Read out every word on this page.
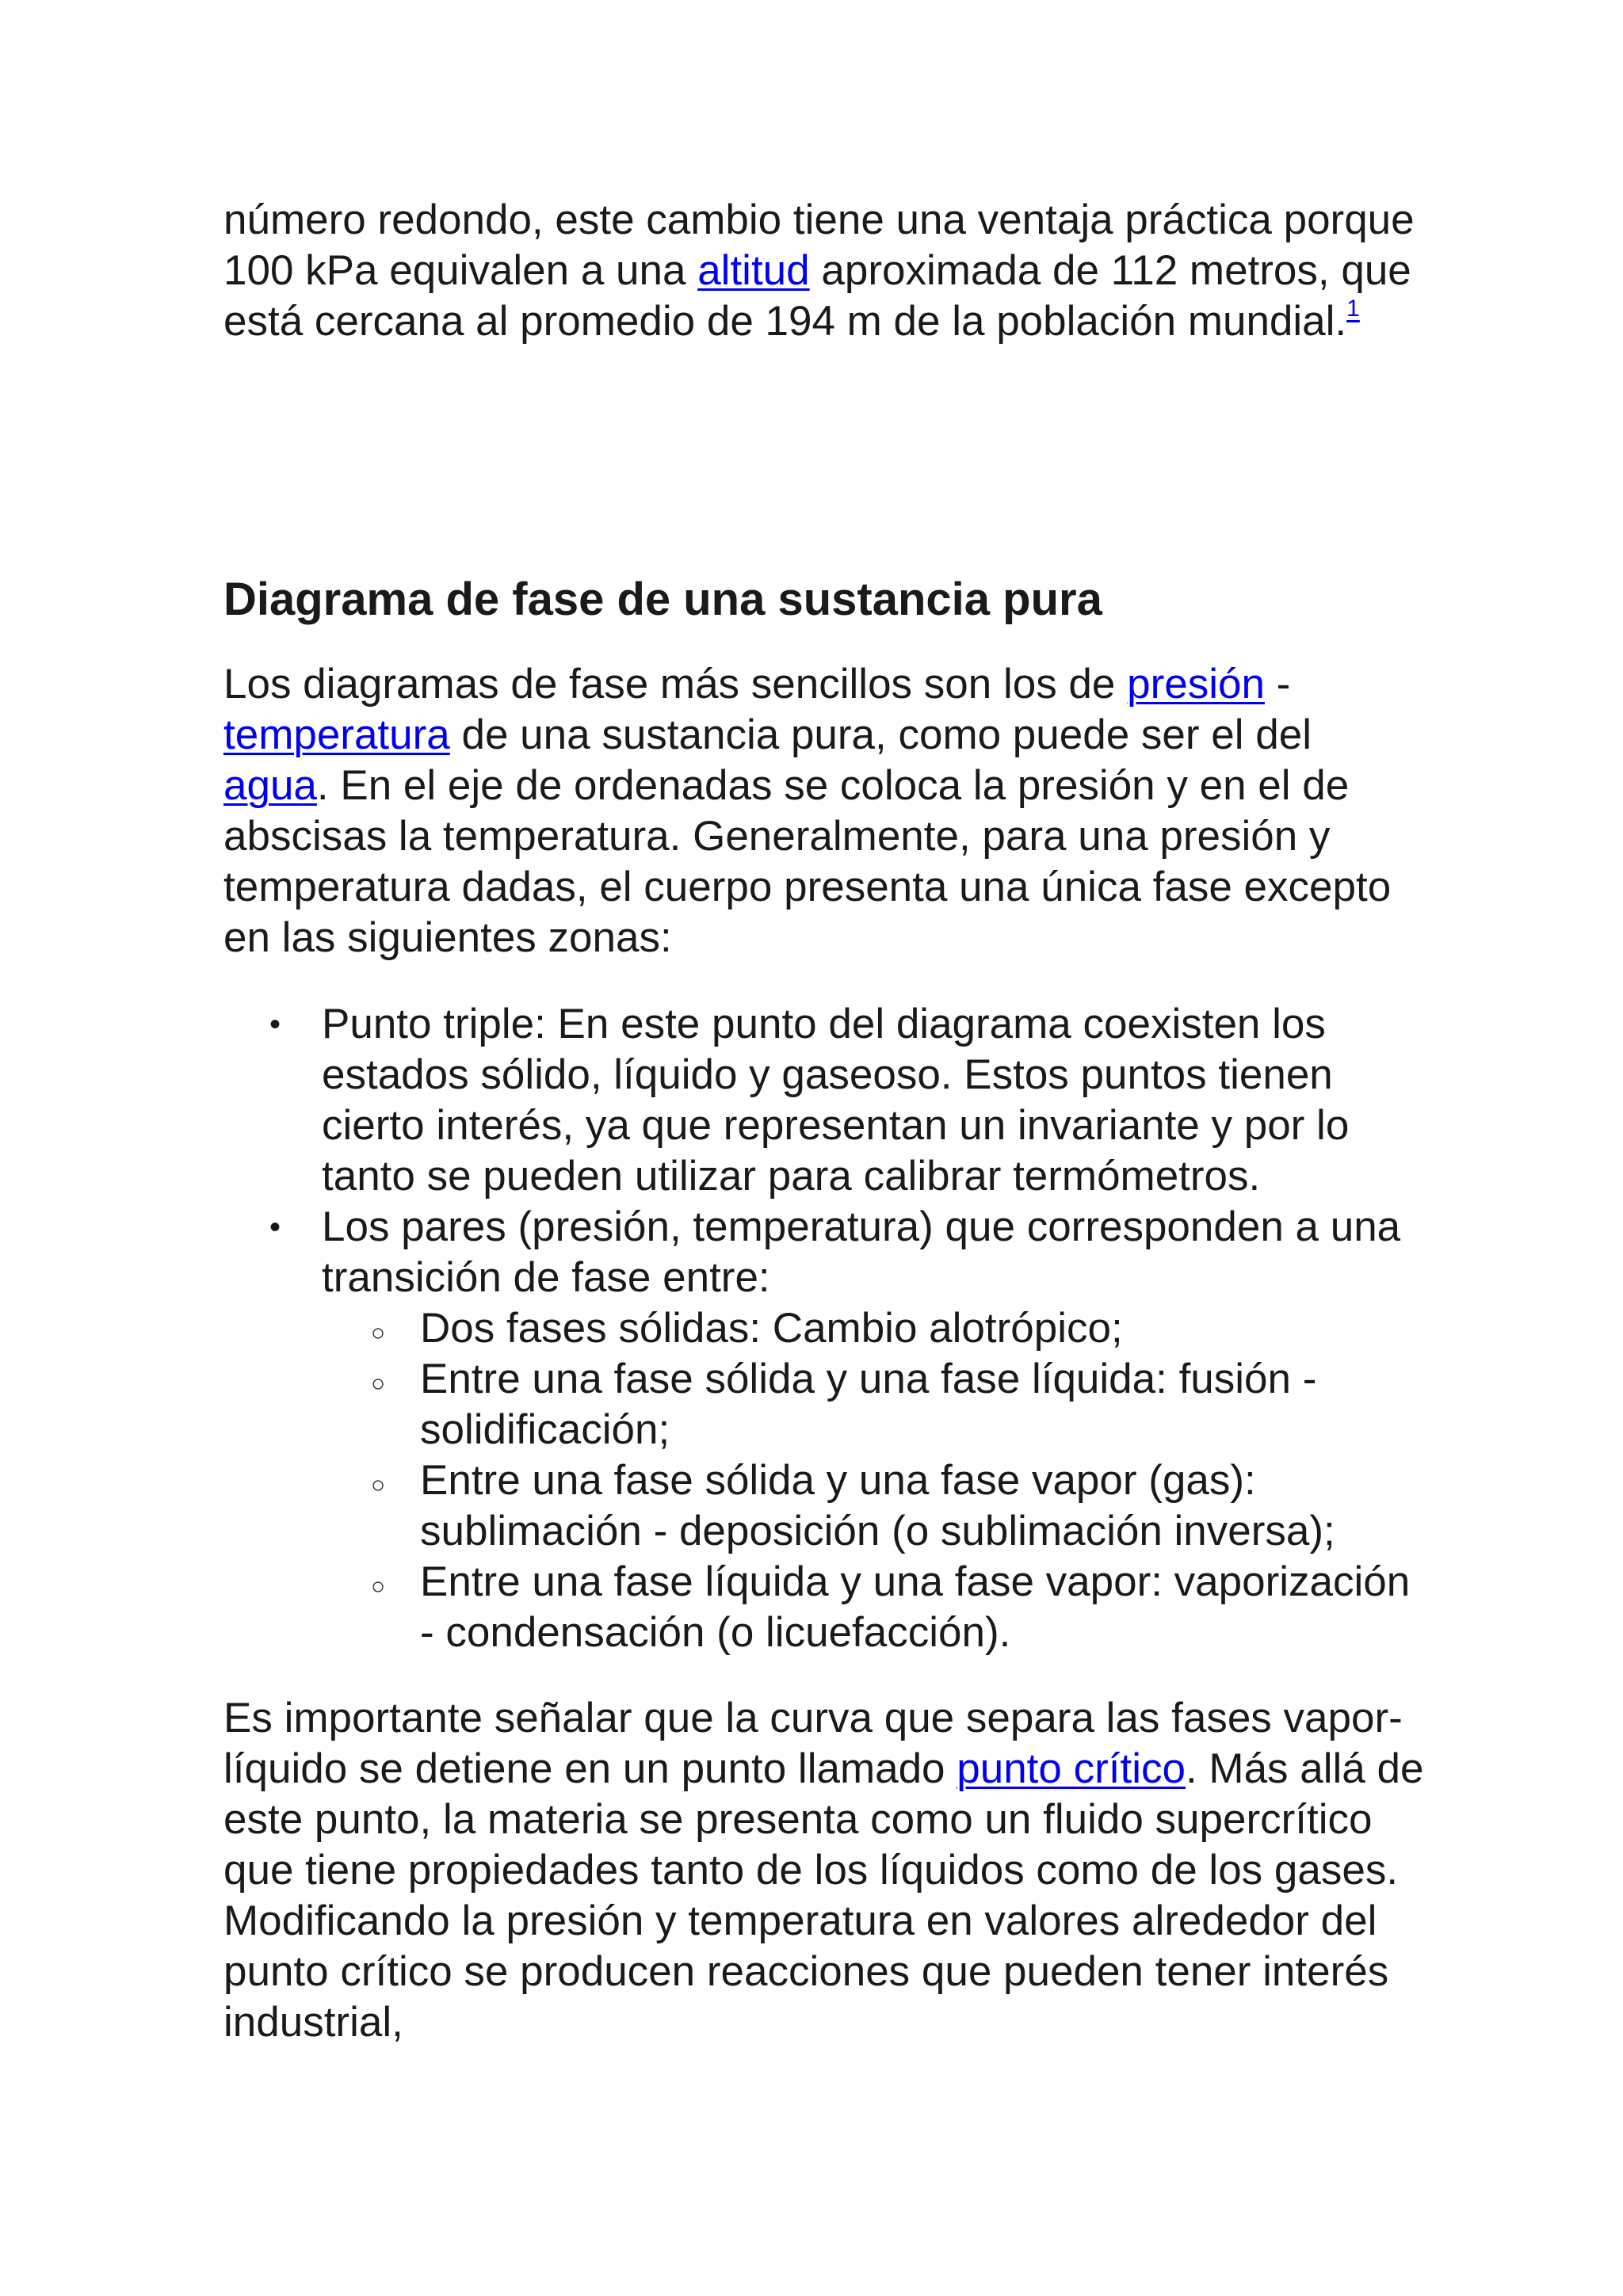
número redondo, este cambio tiene una ventaja práctica porque 100 kPa equivalen a una altitud aproximada de 112 metros, que está cercana al promedio de 194 m de la población mundial.$^1$

Diagrama de fase de una sustancia pura

Los diagramas de fase más sencillos son los de presión - temperatura de una sustancia pura, como puede ser el del agua. En el eje de ordenadas se coloca la presión y en el de abscisas la temperatura. Generalmente, para una presión y temperatura dadas, el cuerpo presenta una única fase excepto en las siguientes zonas:

• Punto triple: En este punto del diagrama coexisten los estados sólido, líquido y gaseoso. Estos puntos tienen cierto interés, ya que representan un invariante y por lo tanto se pueden utilizar para calibrar termómetros.
• Los pares (presión, temperatura) que corresponden a una transición de fase entre:
○ Dos fases sólidas: Cambio alotrópico;
○ Entre una fase sólida y una fase líquida: fusión - solidificación;
○ Entre una fase sólida y una fase vapor (gas): sublimación - deposición (o sublimación inversa);
○ Entre una fase líquida y una fase vapor: vaporización - condensación (o licuefacción).

Es importante señalar que la curva que separa las fases vapor-líquido se detiene en un punto llamado punto crítico. Más allá de este punto, la materia se presenta como un fluido supercrítico que tiene propiedades tanto de los líquidos como de los gases. Modificando la presión y temperatura en valores alrededor del punto crítico se producen reacciones que pueden tener interés industrial,
